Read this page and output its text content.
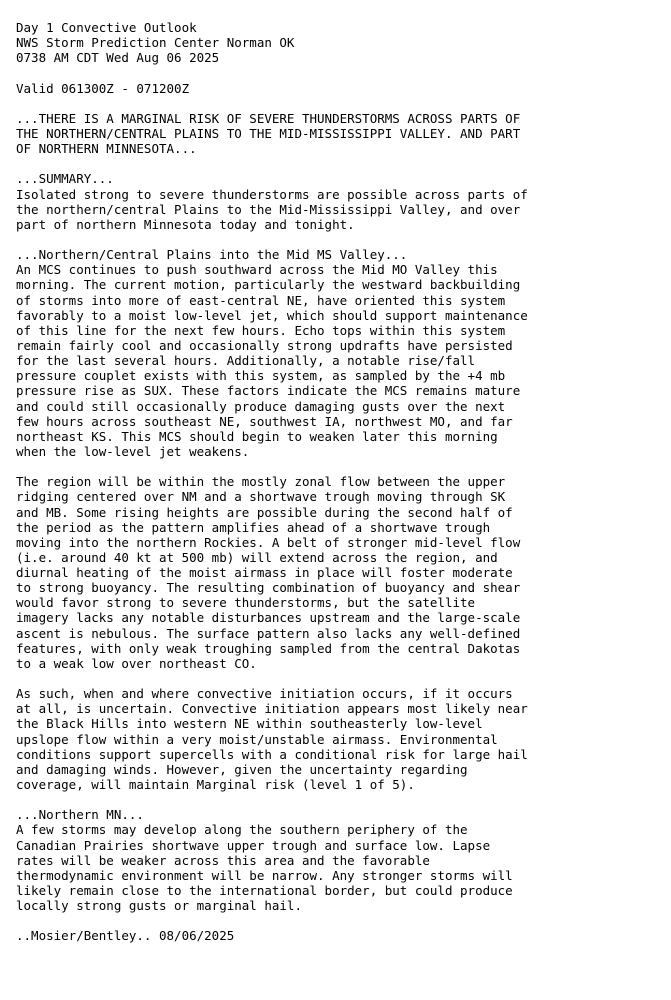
Day 1 Convective Outlook
NWS Storm Prediction Center Norman OK
0738 AM CDT Wed Aug 06 2025
Valid 061300Z - 071200Z
...THERE IS A MARGINAL RISK OF SEVERE THUNDERSTORMS ACROSS PARTS OF
THE NORTHERN/CENTRAL PLAINS TO THE MID-MISSISSIPPI VALLEY. AND PART
OF NORTHERN MINNESOTA...
...SUMMARY...
Isolated strong to severe thunderstorms are possible across parts of
the northern/central Plains to the Mid-Mississippi Valley, and over
part of northern Minnesota today and tonight.
...Northern/Central Plains into the Mid MS Valley...
An MCS continues to push southward across the Mid MO Valley this
morning. The current motion, particularly the westward backbuilding
of storms into more of east-central NE, have oriented this system
favorably to a moist low-level jet, which should support maintenance
of this line for the next few hours. Echo tops within this system
remain fairly cool and occasionally strong updrafts have persisted
for the last several hours. Additionally, a notable rise/fall
pressure couplet exists with this system, as sampled by the +4 mb
pressure rise as SUX. These factors indicate the MCS remains mature
and could still occasionally produce damaging gusts over the next
few hours across southeast NE, southwest IA, northwest MO, and far
northeast KS. This MCS should begin to weaken later this morning
when the low-level jet weakens.
The region will be within the mostly zonal flow between the upper
ridging centered over NM and a shortwave trough moving through SK
and MB. Some rising heights are possible during the second half of
the period as the pattern amplifies ahead of a shortwave trough
moving into the northern Rockies. A belt of stronger mid-level flow
(i.e. around 40 kt at 500 mb) will extend across the region, and
diurnal heating of the moist airmass in place will foster moderate
to strong buoyancy. The resulting combination of buoyancy and shear
would favor strong to severe thunderstorms, but the satellite
imagery lacks any notable disturbances upstream and the large-scale
ascent is nebulous. The surface pattern also lacks any well-defined
features, with only weak troughing sampled from the central Dakotas
to a weak low over northeast CO.
As such, when and where convective initiation occurs, if it occurs
at all, is uncertain. Convective initiation appears most likely near
the Black Hills into western NE within southeasterly low-level
upslope flow within a very moist/unstable airmass. Environmental
conditions support supercells with a conditional risk for large hail
and damaging winds. However, given the uncertainty regarding
coverage, will maintain Marginal risk (level 1 of 5).
...Northern MN...
A few storms may develop along the southern periphery of the
Canadian Prairies shortwave upper trough and surface low. Lapse
rates will be weaker across this area and the favorable
thermodynamic environment will be narrow. Any stronger storms will
likely remain close to the international border, but could produce
locally strong gusts or marginal hail.
..Mosier/Bentley.. 08/06/2025
